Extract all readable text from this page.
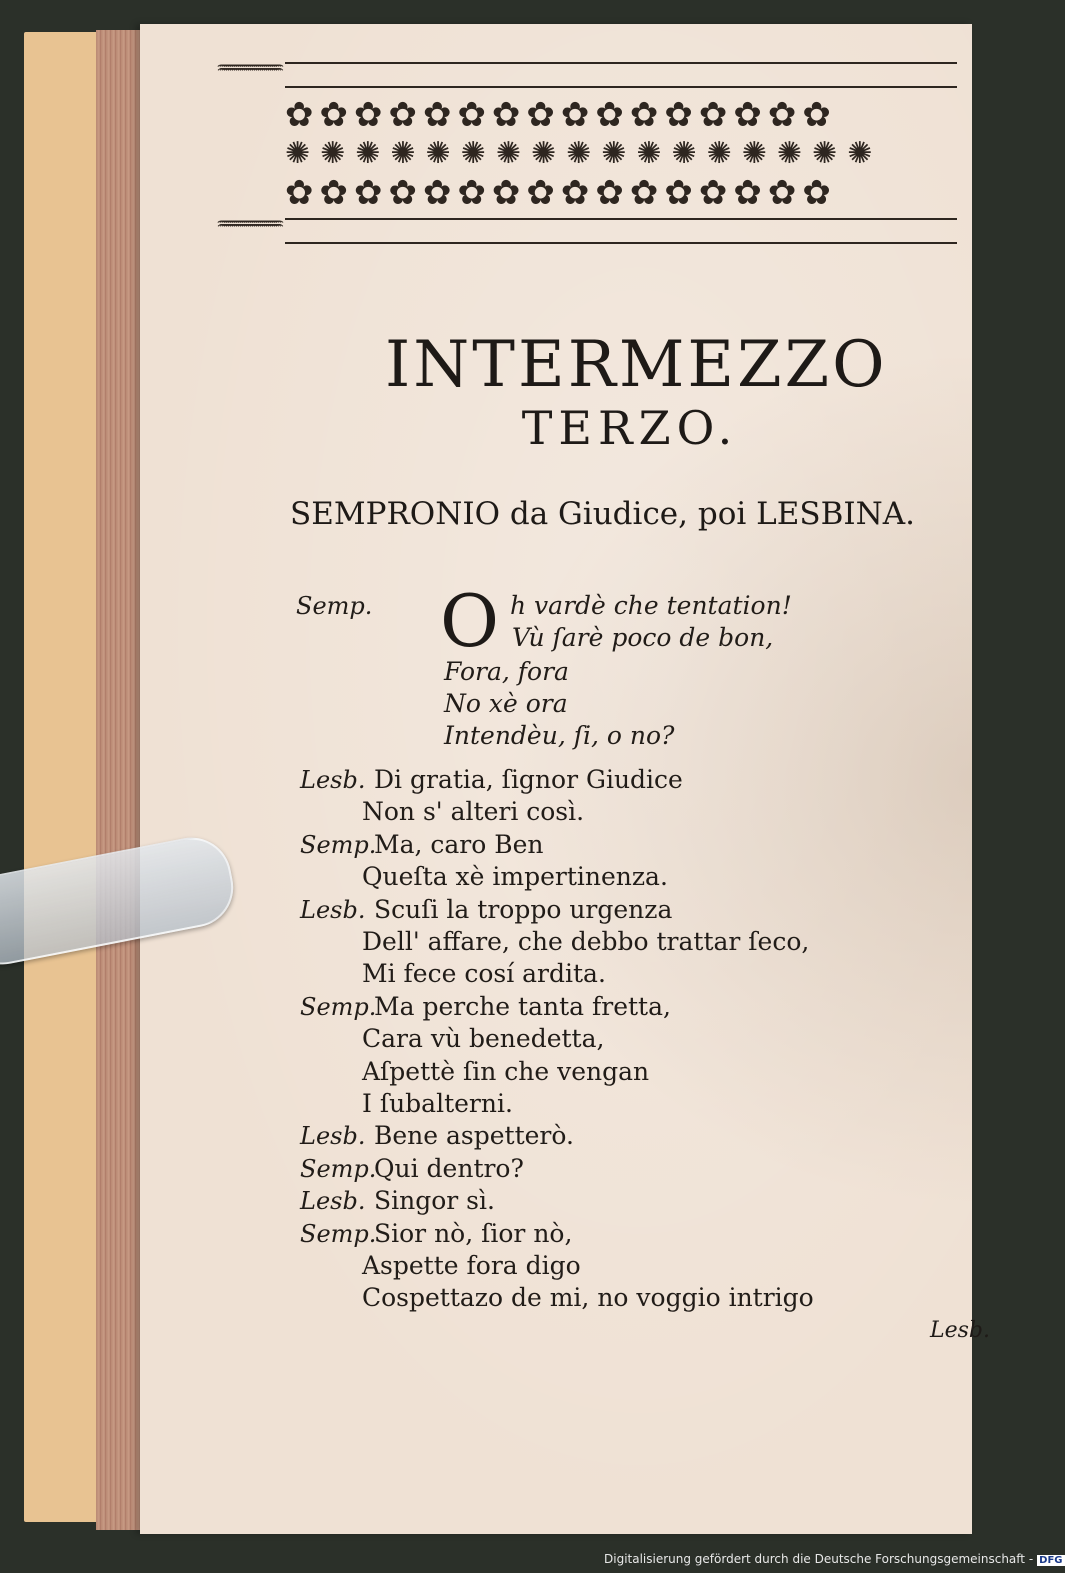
✿✿✿✿✿✿✿✿✿✿✿✿✿✿✿✿
✺✺✺✺✺✺✺✺✺✺✺✺✺✺✺✺✺
✿✿✿✿✿✿✿✿✿✿✿✿✿✿✿✿
INTERMEZZO
TERZO.
SEMPRONIO da Giudice, poi LESBINA.
Semp. O h vardè che tentation!
Vù ſarè poco de bon,
Fora, fora
No xè ora
Intendèu, ſi, o no?
Lesb. Di gratia, ſignor Giudice
Non s' alteri così.
Semp.
Ma, caro Ben
Queſta xè impertinenza.
Lesb. Scuſi la troppo urgenza
Dell' affare, che debbo trattar ſeco,
Mi fece cosí ardita.
Semp.
Ma perche tanta fretta,
Cara vù benedetta,
Aſpettè ſin che vengan
I ſubalterni.
Lesb. Bene aspetterò.
Semp.
Qui dentro?
Lesb. Singor sì.
Semp.
Sior nò, ſior nò,
Aspette fora digo
Cospettazo de mi, no voggio intrigo
Lesb.
Digitalisierung gefördert durch die Deutsche Forschungsgemeinschaft - DFG
